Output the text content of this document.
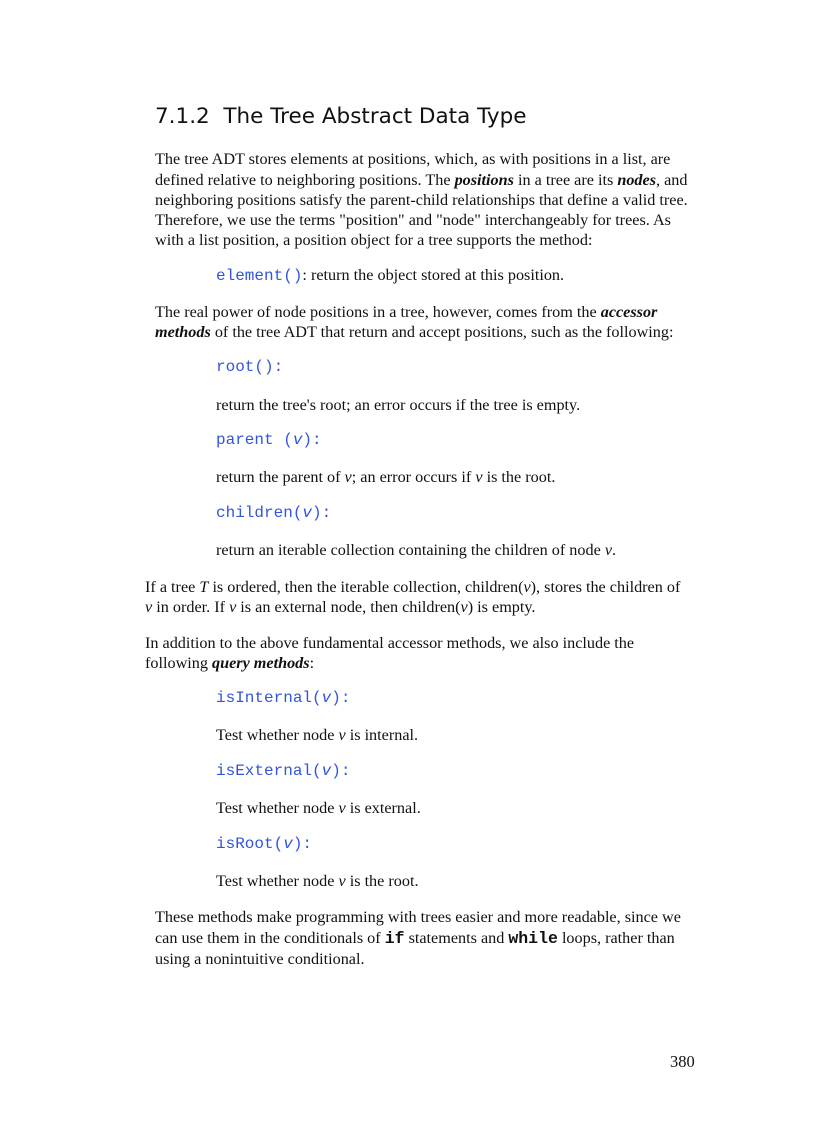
7.1.2 The Tree Abstract Data Type

The tree ADT stores elements at positions, which, as with positions in a list, are

defined relative to neighboring positions. The positions in a tree are its nodes, and

neighboring positions satisfy the parent-child relationships that define a valid tree.

Therefore, we use the terms "position" and "node" interchangeably for trees. As

with a list position, a position object for a tree supports the method:

element(): return the object stored at this position.

The real power of node positions in a tree, however, comes from the accessor

methods of the tree ADT that return and accept positions, such as the following:

root():

return the tree's root; an error occurs if the tree is empty.

parent (v):

return the parent of v; an error occurs if v is the root.

children(v):

return an iterable collection containing the children of node v.

If a tree T is ordered, then the iterable collection, children(v), stores the children of

v in order. If v is an external node, then children(v) is empty.

In addition to the above fundamental accessor methods, we also include the

following query methods:

isInternal(v):

Test whether node v is internal.

isExternal(v):

Test whether node v is external.

isRoot(v):

Test whether node v is the root.

These methods make programming with trees easier and more readable, since we

can use them in the conditionals of if statements and while loops, rather than

using a nonintuitive conditional.

380
